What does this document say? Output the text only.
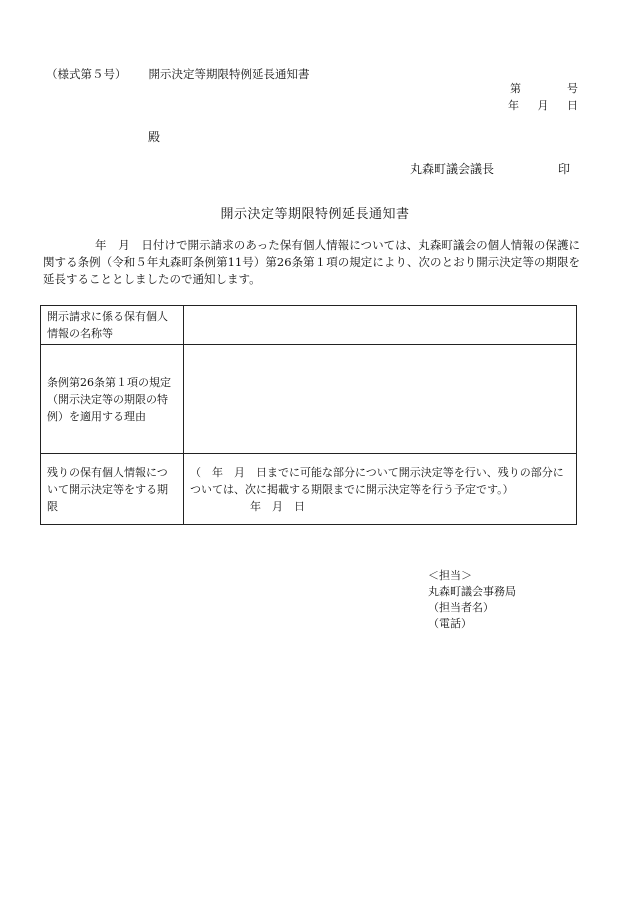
（様式第５号） 開示決定等期限特例延長通知書
第	号
年 月 日
殿
丸森町議会議長	印
開示決定等期限特例延長通知書
年　 月　 日付けで開示請求のあった保有個人情報については、丸森町議会の個人情報の保護に関する条例（令和５年丸森町条例第11号）第26条第１項の規定により、次のとおり開示決定等の期限を延長することとしましたので通知します。
開示請求に係る保有個人情報の名称等	
条例第26条第１項の規定（開示決定等の期限の特例）を適用する理由	
残りの保有個人情報について開示決定等をする期限	（　年　月　日までに可能な部分について開示決定等を行い、残りの部分については、次に掲載する期限までに開示決定等を行う予定です。）
年　月　日
＜担当＞
丸森町議会事務局
（担当者名）
（電話）
